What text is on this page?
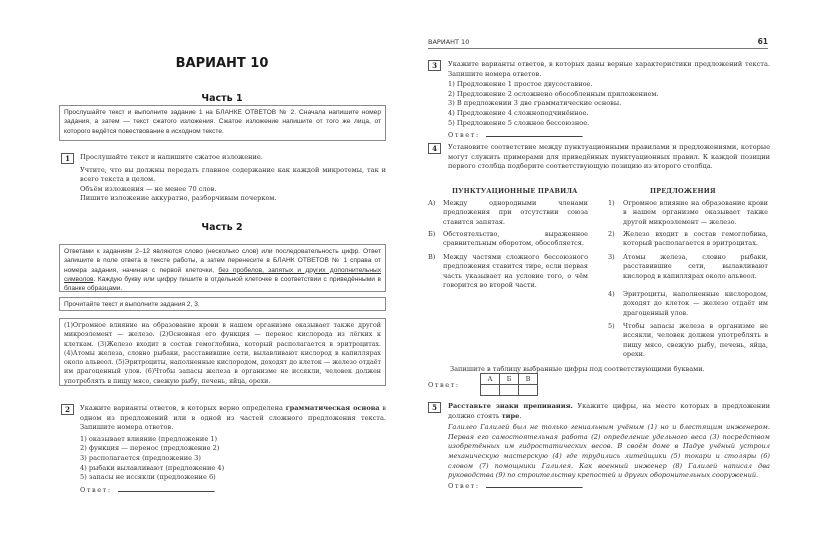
ВАРИАНТ 10
Часть 1
Прослушайте текст и выполните задание 1 на БЛАНКЕ ОТВЕТОВ № 2. Сначала напишите номер задания, а затем — текст сжатого изложения. Сжатое изложение напишите от того же лица, от которого ведётся повествование в исходном тексте.
1	Прослушайте текст и напишите сжатое изложение.

Учтите, что вы должны передать главное содержание как каждой микротемы, так и всего текста в целом.

Объём изложения — не менее 70 слов.

Пишите изложение аккуратно, разборчивым почерком.

Часть 2
Ответами к заданиям 2–12 являются слово (несколько слов) или последовательность цифр. Ответ запишите в поле ответа в тексте работы, а затем перенесите в БЛАНК ОТВЕТОВ № 1 справа от номера задания, начиная с первой клеточки, без пробелов, запятых и других дополнительных символов. Каждую букву или цифру пишите в отдельной клеточке в соответствии с приведёнными в бланке образцами.
Прочитайте текст и выполните задания 2, 3.
(1)Огромное влияние на образование крови в нашем организме оказывает также другой микроэлемент — железо. (2)Основная его функция — перенос кислорода из лёгких к клеткам. (3)Железо входит в состав гемоглобина, который располагается в эритроцитах. (4)Атомы железа, словно рыбаки, расставившие сети, вылавливают кислород в капиллярах около альвеол. (5)Эритроциты, наполненные кислородом, доходят до клеток — железо отдаёт им драгоценный улов. (6)Чтобы запасы железа в организме не иссякли, человек должен употреблять в пищу мясо, свежую рыбу, печень, яйца, орехи.
2	Укажите варианты ответов, в которых верно определена грамматическая основа в одном из предложений или в одной из частей сложного предложения текста. Запишите номера ответов.

1) оказывает влияние (предложение 1)

2) функция — перенос (предложение 2)

3) располагается (предложение 3)

4) рыбаки вылавливают (предложение 4)

5) запасы не иссякли (предложение 6)

Ответ:	.

ВАРИАНТ 10	61
3	Укажите варианты ответов, в которых даны верные характеристики предложений текста. Запишите номера ответов.

1) Предложение 1 простое двусоставное.

2) Предложение 2 осложнено обособленным приложением.

3) В предложении 3 две грамматические основы.

4) Предложение 4 сложноподчинённое.

5) Предложение 5 сложное бессоюзное.

Ответ:	.

4	Установите соответствие между пунктуационными правилами и предложениями, которые могут служить примерами для приведённых пунктуационных правил. К каждой позиции первого столбца подберите соответствующую позицию из второго столбца.
ПУНКТУАЦИОННЫЕ ПРАВИЛА	ПРЕДЛОЖЕНИЯ
А) Между однородными членами предложения при отсутствии союза ставится запятая.
Б) Обстоятельство, выраженное сравнительным оборотом, обособляется.
В) Между частями сложного бессоюзного предложения ставится тире, если первая часть указывает на условие того, о чём говорится во второй части.
1) Огромное влияние на образование крови в нашем организме оказывает также другой микроэлемент — железо.
2) Железо входит в состав гемоглобина, который располагается в эритроцитах.
3) Атомы железа, словно рыбаки, расставившие сети, вылавливают кислород в капиллярах около альвеол.
4) Эритроциты, наполненные кислородом, доходят до клеток — железо отдаёт им драгоценный улов.
5) Чтобы запасы железа в организме не иссякли, человек должен употреблять в пищу мясо, свежую рыбу, печень, яйца, орехи.
Запишите в таблицу выбранные цифры под соответствующими буквами.
Ответ:
А	Б	В

5	Расставьте знаки препинания. Укажите цифры, на месте которых в предложении должно стоять тире.

Галилео Галилей был не только гениальным учёным (1) но и блестящим инженером. Первая его самостоятельная работа (2) определение удельного веса (3) посредством изобретённых им гидростатических весов. В своём доме в Падуе учёный устроил механическую мастерскую (4) где трудились литейщики (5) токари и столяры (6) словом (7) помощники Галилея. Как военный инженер (8) Галилей написал два руководства (9) по строительству крепостей и других оборонительных сооружений.

Ответ:	.
